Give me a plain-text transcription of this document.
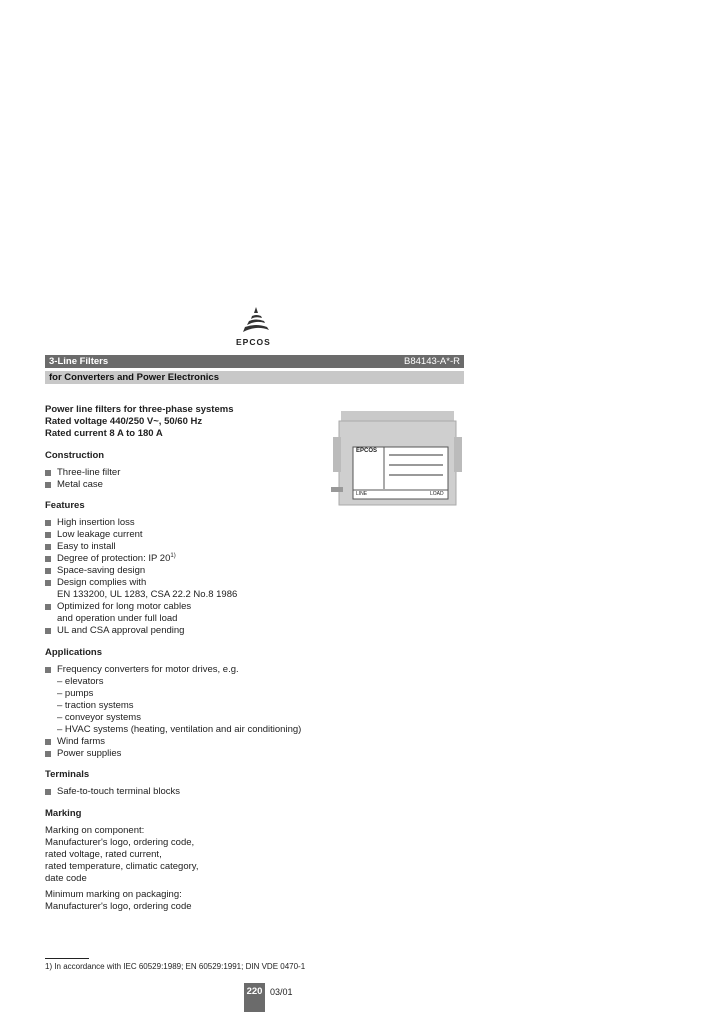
EPCOS
3-Line Filters	B84143-A*-R
for Converters and Power Electronics
Power line filters for three-phase systems
Rated voltage 440/250 V~, 50/60 Hz
Rated current 8 A to 180 A
EPCOS
LINE	LOAD
Construction
Three-line filter
Metal case
Features
High insertion loss
Low leakage current
Easy to install
Degree of protection: IP 20$^{1)}$
Space-saving design
Design complies with
EN 133200, UL 1283, CSA 22.2 No.8 1986
Optimized for long motor cables
and operation under full load
UL and CSA approval pending
Applications
Frequency converters for motor drives, e.g.
– elevators
– pumps
– traction systems
– conveyor systems
– HVAC systems (heating, ventilation and air conditioning)
Wind farms
Power supplies
Terminals
Safe-to-touch terminal blocks
Marking
Marking on component:
Manufacturer's logo, ordering code,
rated voltage, rated current,
rated temperature, climatic category,
date code
Minimum marking on packaging:
Manufacturer's logo, ordering code
1) In accordance with IEC 60529:1989; EN 60529:1991; DIN VDE 0470-1
220 03/01
